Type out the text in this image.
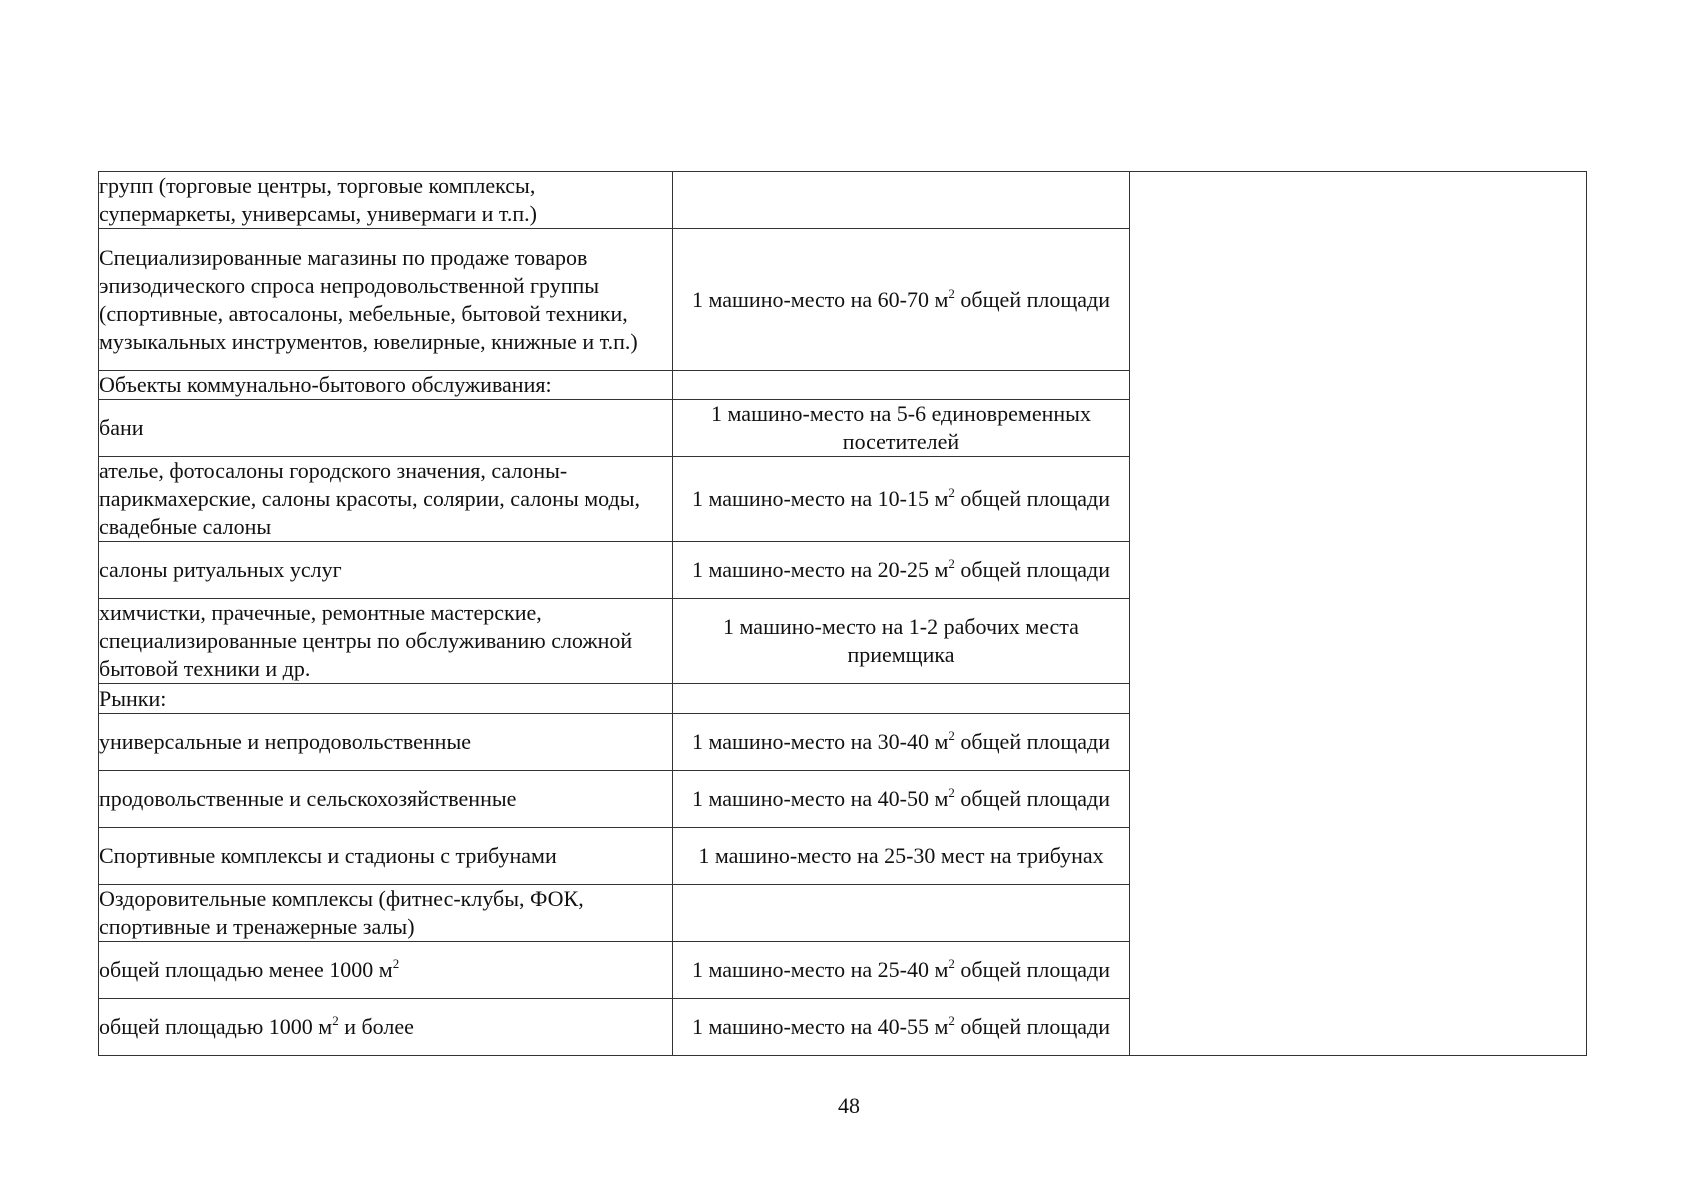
групп (торговые центры, торговые комплексы, супермаркеты, универсамы, универмаги и т.п.)		
Специализированные магазины по продаже товаров эпизодического спроса непродовольственной группы (спортивные, автосалоны, мебельные, бытовой техники, музыкальных инструментов, ювелирные, книжные и т.п.)	1 машино-место на 60-70 $м^2$ общей площади	
Объекты коммунально-бытового обслуживания:		
бани	1 машино-место на 5-6 единовременных посетителей	
ателье, фотосалоны городского значения, салоны-парикмахерские, салоны красоты, солярии, салоны моды, свадебные салоны	1 машино-место на 10-15 $м^2$ общей площади	
салоны ритуальных услуг	1 машино-место на 20-25 $м^2$ общей площади	
химчистки, прачечные, ремонтные мастерские, специализированные центры по обслуживанию сложной бытовой техники и др.	1 машино-место на 1-2 рабочих места приемщика	
Рынки:		
универсальные и непродовольственные	1 машино-место на 30-40 $м^2$ общей площади	
продовольственные и сельскохозяйственные	1 машино-место на 40-50 $м^2$ общей площади	
Спортивные комплексы и стадионы с трибунами	1 машино-место на 25-30 мест на трибунах	
Оздоровительные комплексы (фитнес-клубы, ФОК, спортивные и тренажерные залы)		
общей площадью менее 1000 $м^2$	1 машино-место на 25-40 $м^2$ общей площади	
общей площадью 1000 $м^2$ и более	1 машино-место на 40-55 $м^2$ общей площади	
48
